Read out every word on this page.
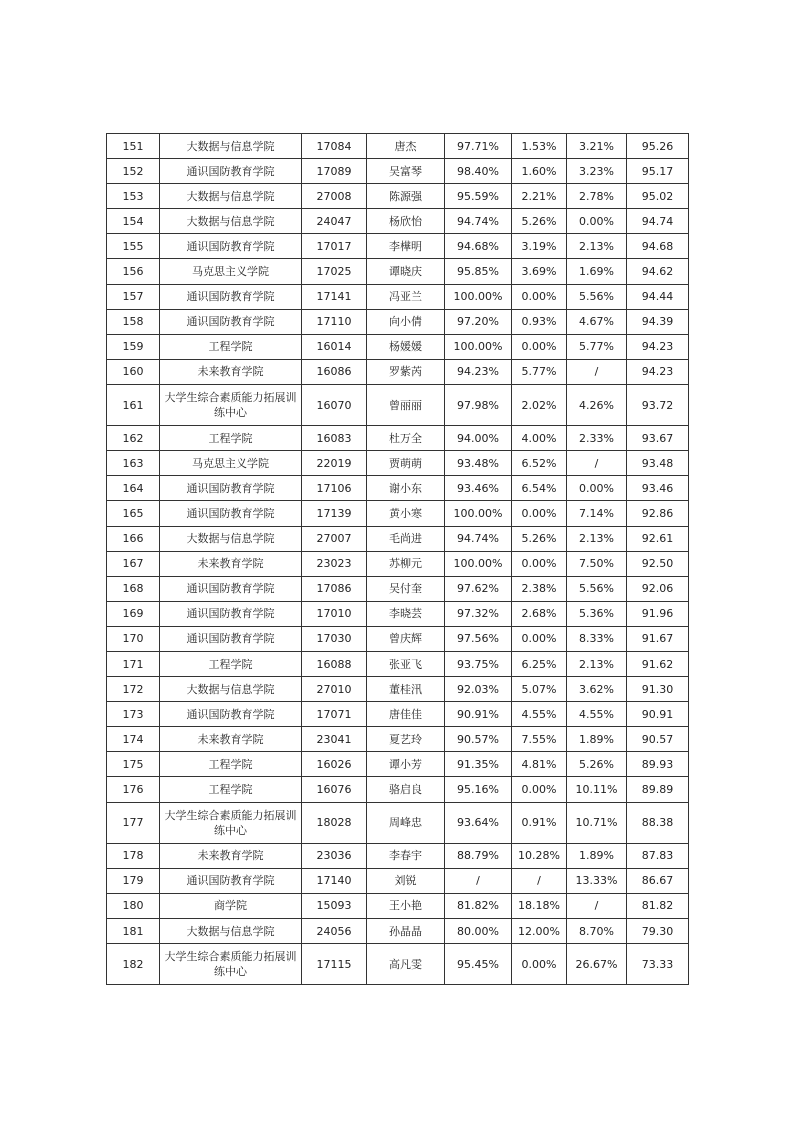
151	大数据与信息学院	17084	唐杰	97.71%	1.53%	3.21%	95.26
152	通识国防教育学院	17089	吴富琴	98.40%	1.60%	3.23%	95.17
153	大数据与信息学院	27008	陈源强	95.59%	2.21%	2.78%	95.02
154	大数据与信息学院	24047	杨欣怡	94.74%	5.26%	0.00%	94.74
155	通识国防教育学院	17017	李樺明	94.68%	3.19%	2.13%	94.68
156	马克思主义学院	17025	谭晓庆	95.85%	3.69%	1.69%	94.62
157	通识国防教育学院	17141	冯亚兰	100.00%	0.00%	5.56%	94.44
158	通识国防教育学院	17110	向小倩	97.20%	0.93%	4.67%	94.39
159	工程学院	16014	杨媛媛	100.00%	0.00%	5.77%	94.23
160	未来教育学院	16086	罗紫芮	94.23%	5.77%	/	94.23
161	大学生综合素质能力拓展训练中心	16070	曾丽丽	97.98%	2.02%	4.26%	93.72
162	工程学院	16083	杜万全	94.00%	4.00%	2.33%	93.67
163	马克思主义学院	22019	贾萌萌	93.48%	6.52%	/	93.48
164	通识国防教育学院	17106	谢小东	93.46%	6.54%	0.00%	93.46
165	通识国防教育学院	17139	黄小寒	100.00%	0.00%	7.14%	92.86
166	大数据与信息学院	27007	毛尚进	94.74%	5.26%	2.13%	92.61
167	未来教育学院	23023	苏柳元	100.00%	0.00%	7.50%	92.50
168	通识国防教育学院	17086	吴付奎	97.62%	2.38%	5.56%	92.06
169	通识国防教育学院	17010	李晓芸	97.32%	2.68%	5.36%	91.96
170	通识国防教育学院	17030	曾庆辉	97.56%	0.00%	8.33%	91.67
171	工程学院	16088	张亚飞	93.75%	6.25%	2.13%	91.62
172	大数据与信息学院	27010	董桂汛	92.03%	5.07%	3.62%	91.30
173	通识国防教育学院	17071	唐佳佳	90.91%	4.55%	4.55%	90.91
174	未来教育学院	23041	夏艺玲	90.57%	7.55%	1.89%	90.57
175	工程学院	16026	谭小芳	91.35%	4.81%	5.26%	89.93
176	工程学院	16076	骆启良	95.16%	0.00%	10.11%	89.89
177	大学生综合素质能力拓展训练中心	18028	周峰忠	93.64%	0.91%	10.71%	88.38
178	未来教育学院	23036	李春宇	88.79%	10.28%	1.89%	87.83
179	通识国防教育学院	17140	刘锐	/	/	13.33%	86.67
180	商学院	15093	王小艳	81.82%	18.18%	/	81.82
181	大数据与信息学院	24056	孙晶晶	80.00%	12.00%	8.70%	79.30
182	大学生综合素质能力拓展训练中心	17115	高凡雯	95.45%	0.00%	26.67%	73.33
